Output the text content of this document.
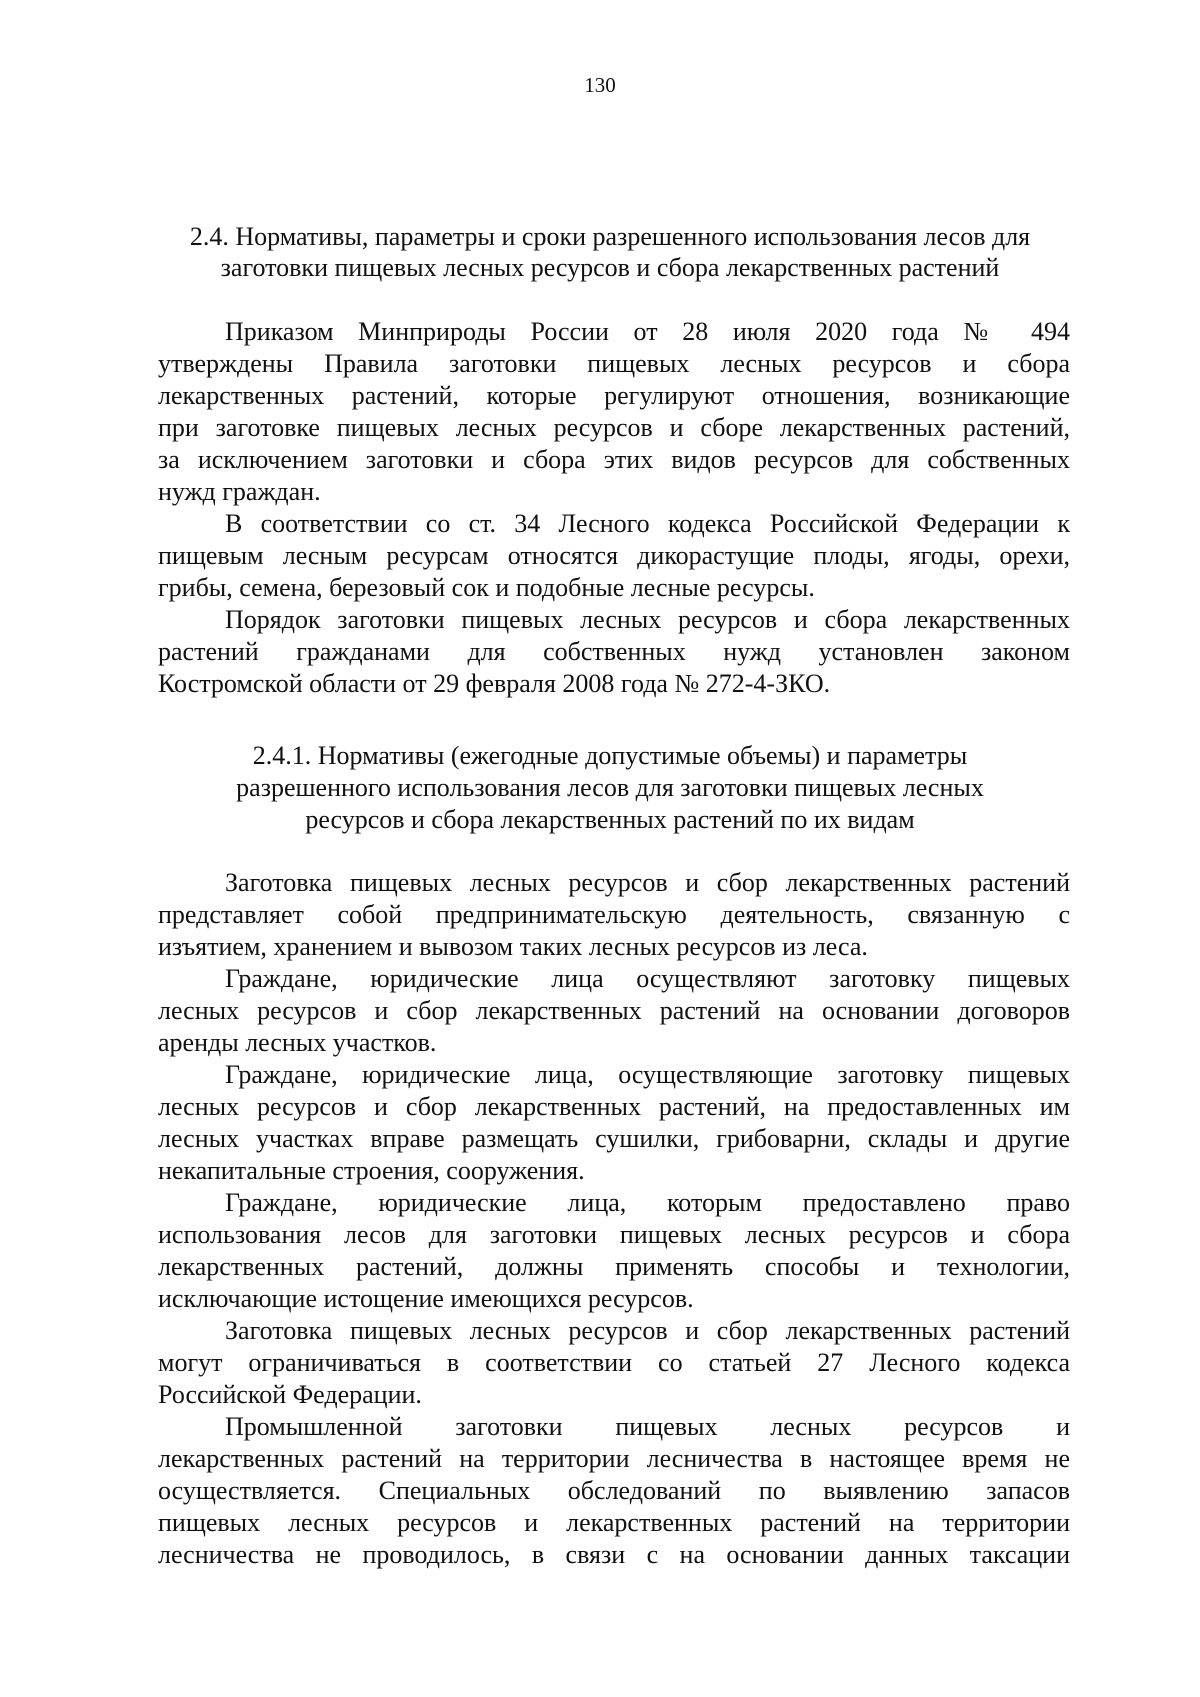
130
2.4. Нормативы, параметры и сроки разрешенного использования лесов для
заготовки пищевых лесных ресурсов и сбора лекарственных растений
Приказом Минприроды России от 28 июля 2020 года № 494
утверждены Правила заготовки пищевых лесных ресурсов и сбора
лекарственных растений, которые регулируют отношения, возникающие
при заготовке пищевых лесных ресурсов и сборе лекарственных растений,
за исключением заготовки и сбора этих видов ресурсов для собственных
нужд граждан.
В соответствии со ст. 34 Лесного кодекса Российской Федерации к
пищевым лесным ресурсам относятся дикорастущие плоды, ягоды, орехи,
грибы, семена, березовый сок и подобные лесные ресурсы.
Порядок заготовки пищевых лесных ресурсов и сбора лекарственных
растений гражданами для собственных нужд установлен законом
Костромской области от 29 февраля 2008 года № 272-4-ЗКО.
2.4.1. Нормативы (ежегодные допустимые объемы) и параметры
разрешенного использования лесов для заготовки пищевых лесных
ресурсов и сбора лекарственных растений по их видам
Заготовка пищевых лесных ресурсов и сбор лекарственных растений
представляет собой предпринимательскую деятельность, связанную с
изъятием, хранением и вывозом таких лесных ресурсов из леса.
Граждане, юридические лица осуществляют заготовку пищевых
лесных ресурсов и сбор лекарственных растений на основании договоров
аренды лесных участков.
Граждане, юридические лица, осуществляющие заготовку пищевых
лесных ресурсов и сбор лекарственных растений, на предоставленных им
лесных участках вправе размещать сушилки, грибоварни, склады и другие
некапитальные строения, сооружения.
Граждане, юридические лица, которым предоставлено право
использования лесов для заготовки пищевых лесных ресурсов и сбора
лекарственных растений, должны применять способы и технологии,
исключающие истощение имеющихся ресурсов.
Заготовка пищевых лесных ресурсов и сбор лекарственных растений
могут ограничиваться в соответствии со статьей 27 Лесного кодекса
Российской Федерации.
Промышленной заготовки пищевых лесных ресурсов и
лекарственных растений на территории лесничества в настоящее время не
осуществляется. Специальных обследований по выявлению запасов
пищевых лесных ресурсов и лекарственных растений на территории
лесничества не проводилось, в связи с на основании данных таксации
